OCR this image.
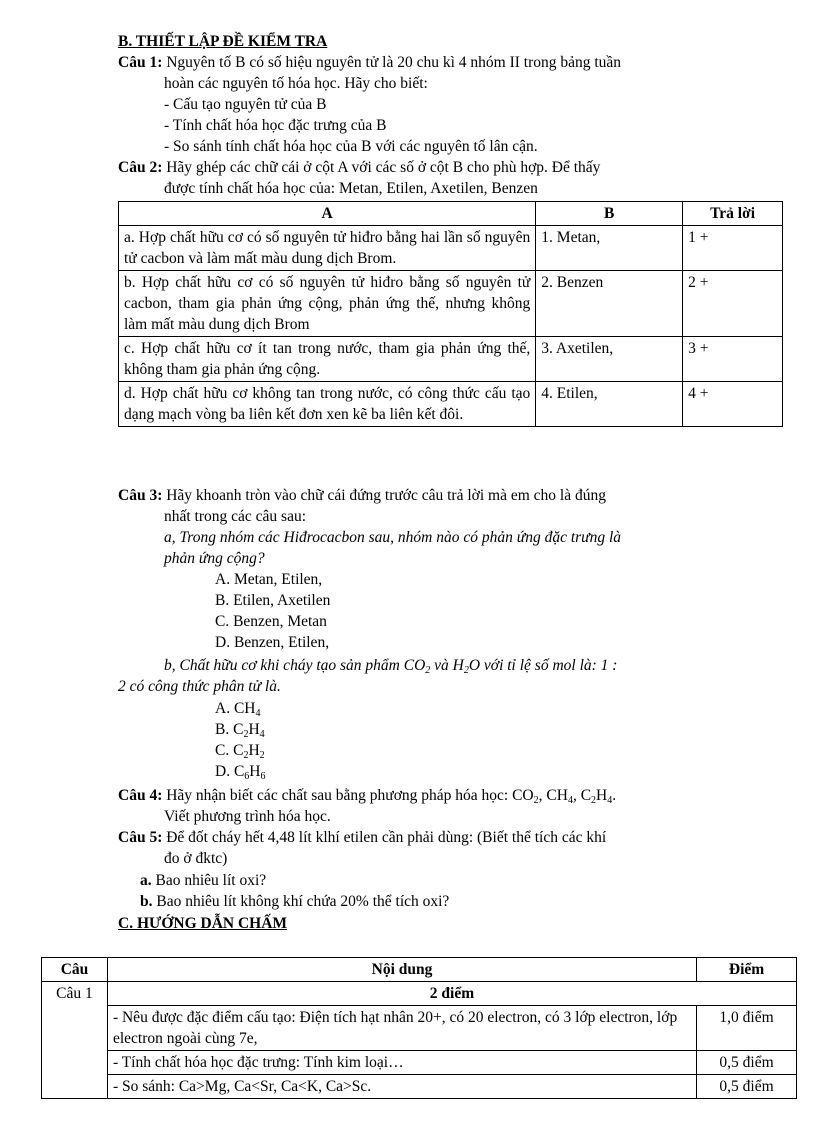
B. THIẾT LẬP ĐỀ KIỂM TRA
Câu 1: Nguyên tố B có số hiệu nguyên tử là 20 chu kì 4 nhóm II trong bảng tuần
hoàn các nguyên tố hóa học. Hãy cho biết:
- Cấu tạo nguyên tử của B
- Tính chất hóa học đặc trưng của B
- So sánh tính chất hóa học của B với các nguyên tố lân cận.
Câu 2: Hãy ghép các chữ cái ở cột A với các số ở cột B cho phù hợp. Để thấy
được tính chất hóa học của: Metan, Etilen, Axetilen, Benzen
A	B	Trả lời
a. Hợp chất hữu cơ có số nguyên tử hiđro bằng hai lần số nguyên tử cacbon và làm mất màu dung dịch Brom.	1. Metan,	1 +
b. Hợp chất hữu cơ có số nguyên tử hiđro bằng số nguyên tử cacbon, tham gia phản ứng cộng, phản ứng thế, nhưng không làm mất màu dung dịch Brom	2. Benzen	2 +
c. Hợp chất hữu cơ ít tan trong nước, tham gia phản ứng thế, không tham gia phản ứng cộng.	3. Axetilen,	3 +
d. Hợp chất hữu cơ không tan trong nước, có công thức cấu tạo dạng mạch vòng ba liên kết đơn xen kẽ ba liên kết đôi.	4. Etilen,	4 +
Câu 3: Hãy khoanh tròn vào chữ cái đứng trước câu trả lời mà em cho là đúng
nhất trong các câu sau:
a, Trong nhóm các Hiđrocacbon sau, nhóm nào có phản ứng đặc trưng là
phản ứng cộng?
A. Metan, Etilen,
B. Etilen, Axetilen
C. Benzen, Metan
D. Benzen, Etilen,
b, Chất hữu cơ khi cháy tạo sản phẩm $CO_2$ và $H_2O$ với tỉ lệ số mol là: 1 :
2 có công thức phân tử là.
A. $CH_4$
B. $C_2H_4$
C. $C_2H_2$
D. $C_6H_6$
Câu 4: Hãy nhận biết các chất sau bằng phương pháp hóa học: $CO_2$, $CH_4$, $C_2H_4$.
Viết phương trình hóa học.
Câu 5: Để đốt cháy hết 4,48 lít klhí etilen cần phải dùng: (Biết thể tích các khí
đo ở đktc)
a. Bao nhiêu lít oxi?
b. Bao nhiêu lít không khí chứa 20% thể tích oxi?
C. HƯỚNG DẪN CHẤM
Câu	Nội dung	Điểm
Câu 1	2 điểm	
	- Nêu được đặc điểm cấu tạo: Điện tích hạt nhân 20+, có 20 electron, có 3 lớp electron, lớp electron ngoài cùng 7e,	1,0 điểm
	- Tính chất hóa học đặc trưng: Tính kim loại…	0,5 điểm
	- So sánh: Ca>Mg, Ca<Sr, Ca<K, Ca>Sc.	0,5 điểm
